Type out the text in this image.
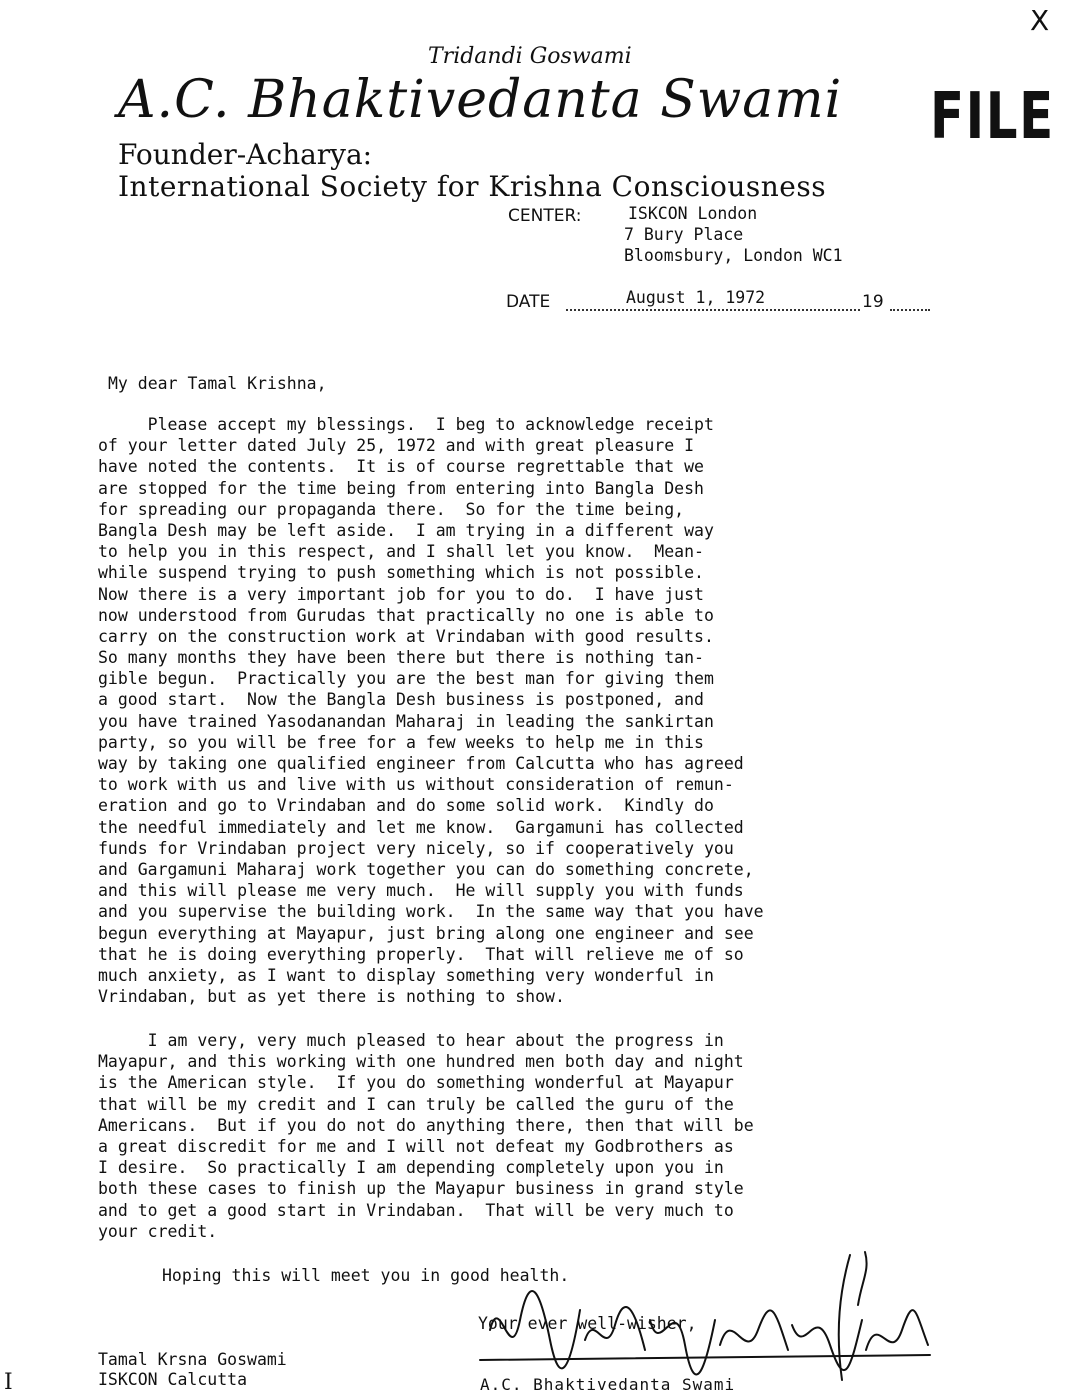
X
Tridandi Goswami
A.C. Bhaktivedanta Swami FILE
Founder-Acharya:
International Society for Krishna Consciousness
CENTER:	ISKCON London
7 Bury Place
Bloomsbury, London WC1
DATE	August 1, 1972	19
My dear Tamal Krishna,
Please accept my blessings.  I beg to acknowledge receipt
of your letter dated July 25, 1972 and with great pleasure I
have noted the contents.  It is of course regrettable that we
are stopped for the time being from entering into Bangla Desh
for spreading our propaganda there.  So for the time being,
Bangla Desh may be left aside.  I am trying in a different way
to help you in this respect, and I shall let you know.  Mean-
while suspend trying to push something which is not possible.
Now there is a very important job for you to do.  I have just
now understood from Gurudas that practically no one is able to
carry on the construction work at Vrindaban with good results.
So many months they have been there but there is nothing tan-
gible begun.  Practically you are the best man for giving them
a good start.  Now the Bangla Desh business is postponed, and
you have trained Yasodanandan Maharaj in leading the sankirtan
party, so you will be free for a few weeks to help me in this
way by taking one qualified engineer from Calcutta who has agreed
to work with us and live with us without consideration of remun-
eration and go to Vrindaban and do some solid work.  Kindly do
the needful immediately and let me know.  Gargamuni has collected
funds for Vrindaban project very nicely, so if cooperatively you
and Gargamuni Maharaj work together you can do something concrete,
and this will please me very much.  He will supply you with funds
and you supervise the building work.  In the same way that you have
begun everything at Mayapur, just bring along one engineer and see
that he is doing everything properly.  That will relieve me of so
much anxiety, as I want to display something very wonderful in
Vrindaban, but as yet there is nothing to show.
I am very, very much pleased to hear about the progress in
Mayapur, and this working with one hundred men both day and night
is the American style.  If you do something wonderful at Mayapur
that will be my credit and I can truly be called the guru of the
Americans.  But if you do not do anything there, then that will be
a great discredit for me and I will not defeat my Godbrothers as
I desire.  So practically I am depending completely upon you in
both these cases to finish up the Mayapur business in grand style
and to get a good start in Vrindaban.  That will be very much to
your credit.
Hoping this will meet you in good health.
Your ever well-wisher,
Tamal Krsna Goswami
ISKCON Calcutta	A.C. Bhaktivedanta Swami
I
